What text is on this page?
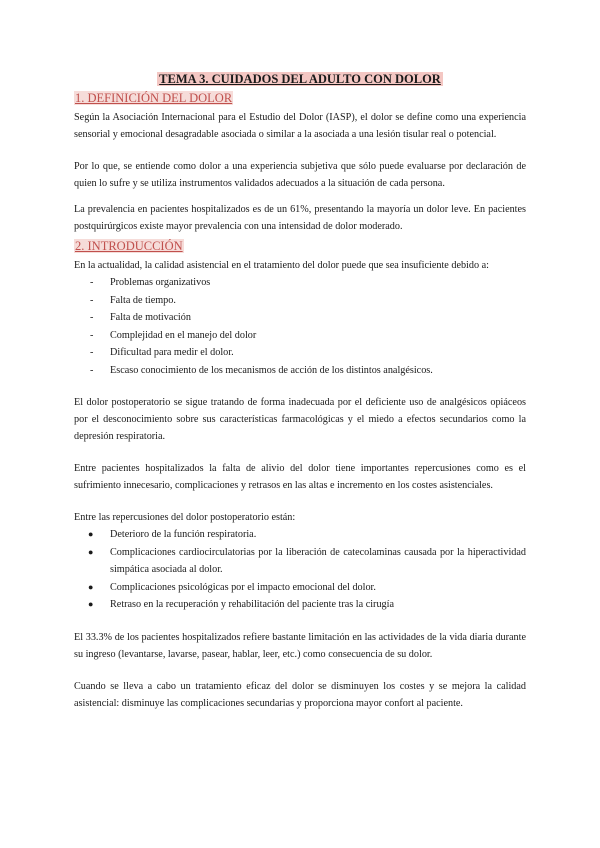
TEMA 3. CUIDADOS DEL ADULTO CON DOLOR
1. DEFINICIÓN DEL DOLOR

Según la Asociación Internacional para el Estudio del Dolor (IASP), el dolor se define como una experiencia sensorial y emocional desagradable asociada o similar a la asociada a una lesión tisular real o potencial.

Por lo que, se entiende como dolor a una experiencia subjetiva que sólo puede evaluarse por declaración de quien lo sufre y se utiliza instrumentos validados adecuados a la situación de cada persona.

La prevalencia en pacientes hospitalizados es de un 61%, presentando la mayoría un dolor leve. En pacientes postquirúrgicos existe mayor prevalencia con una intensidad de dolor moderado.

2. INTRODUCCIÓN

En la actualidad, la calidad asistencial en el tratamiento del dolor puede que sea insuficiente debido a:

- Problemas organizativos
- Falta de tiempo.
- Falta de motivación
- Complejidad en el manejo del dolor
- Dificultad para medir el dolor.
- Escaso conocimiento de los mecanismos de acción de los distintos analgésicos.

El dolor postoperatorio se sigue tratando de forma inadecuada por el deficiente uso de analgésicos opiáceos por el desconocimiento sobre sus características farmacológicas y el miedo a efectos secundarios como la depresión respiratoria.

Entre pacientes hospitalizados la falta de alivio del dolor tiene importantes repercusiones como es el sufrimiento innecesario, complicaciones y retrasos en las altas e incremento en los costes asistenciales.

Entre las repercusiones del dolor postoperatorio están:

● Deterioro de la función respiratoria.
● Complicaciones cardiocirculatorias por la liberación de catecolaminas causada por la hiperactividad simpática asociada al dolor.
● Complicaciones psicológicas por el impacto emocional del dolor.
● Retraso en la recuperación y rehabilitación del paciente tras la cirugía

El 33.3% de los pacientes hospitalizados refiere bastante limitación en las actividades de la vida diaria durante su ingreso (levantarse, lavarse, pasear, hablar, leer, etc.) como consecuencia de su dolor.

Cuando se lleva a cabo un tratamiento eficaz del dolor se disminuyen los costes y se mejora la calidad asistencial: disminuye las complicaciones secundarias y proporciona mayor confort al paciente.
